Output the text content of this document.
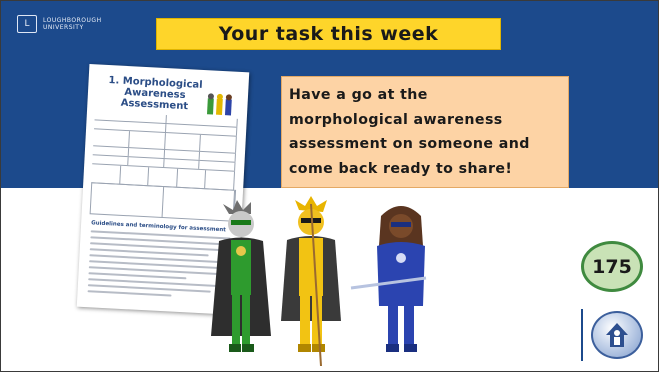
L	LOUGHBOROUGH
UNIVERSITY	Your task this week
1. Morphological Awareness
Assessment
Guidelines and terminology for assessment
Have a go at the
morphological awareness
assessment on someone and
come back ready to share!
175
